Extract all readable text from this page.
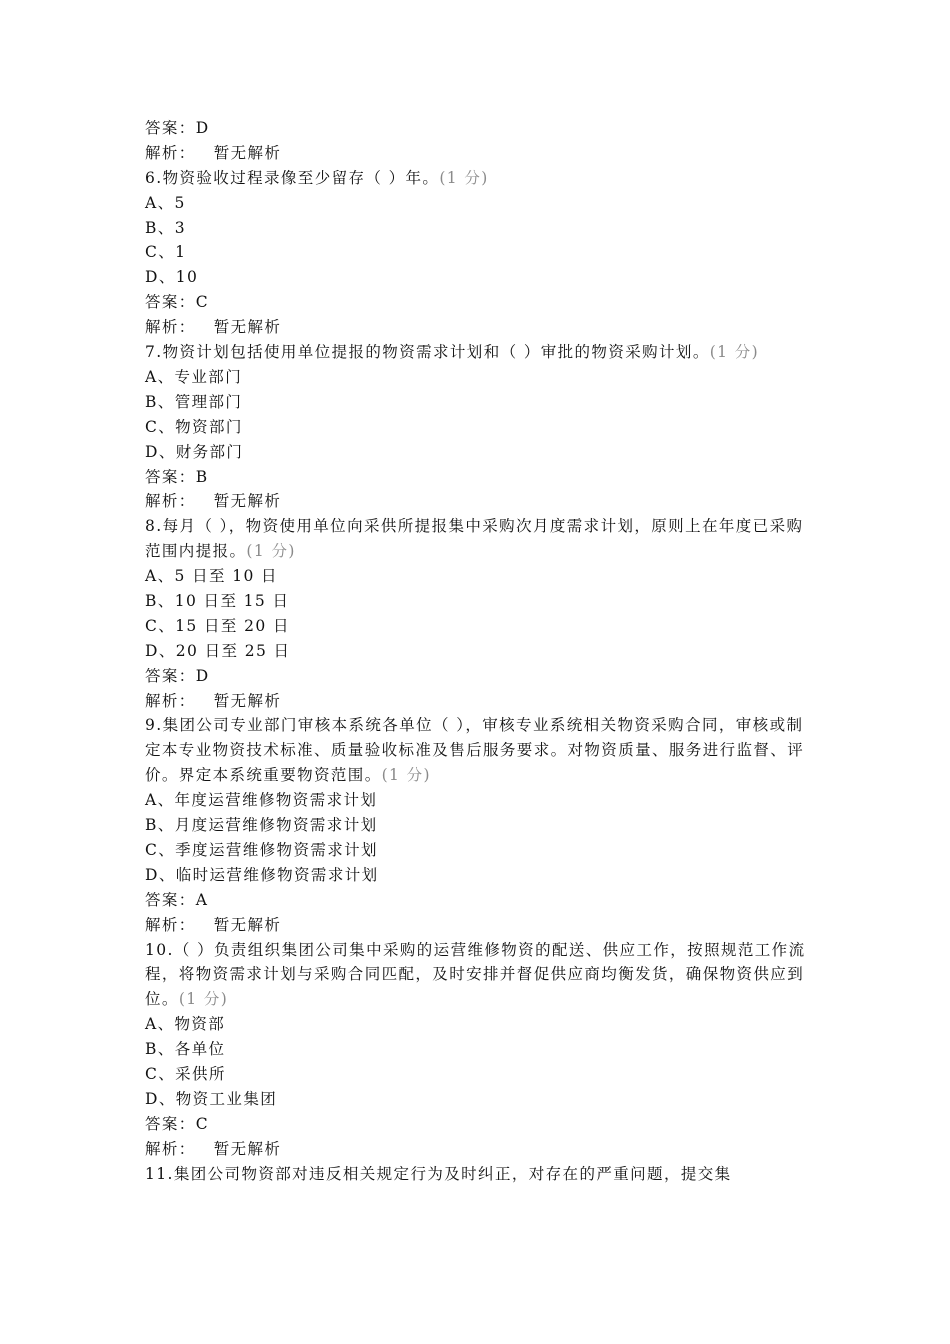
答案：D
解析： 暂无解析
6.物资验收过程录像至少留存（ ）年。(1 分)
A、5
B、3
C、1
D、10
答案：C
解析： 暂无解析
7.物资计划包括使用单位提报的物资需求计划和（ ）审批的物资采购计划。(1 分)
A、专业部门
B、管理部门
C、物资部门
D、财务部门
答案：B
解析： 暂无解析
8.每月（ ），物资使用单位向采供所提报集中采购次月度需求计划，原则上在年度已采购范围内提报。(1 分)
A、5 日至 10 日
B、10 日至 15 日
C、15 日至 20 日
D、20 日至 25 日
答案：D
解析： 暂无解析
9.集团公司专业部门审核本系统各单位（ ），审核专业系统相关物资采购合同，审核或制定本专业物资技术标准、质量验收标准及售后服务要求。对物资质量、服务进行监督、评价。界定本系统重要物资范围。(1 分)
A、年度运营维修物资需求计划
B、月度运营维修物资需求计划
C、季度运营维修物资需求计划
D、临时运营维修物资需求计划
答案：A
解析： 暂无解析
10.（ ）负责组织集团公司集中采购的运营维修物资的配送、供应工作，按照规范工作流程，将物资需求计划与采购合同匹配，及时安排并督促供应商均衡发货，确保物资供应到位。(1 分)
A、物资部
B、各单位
C、采供所
D、物资工业集团
答案：C
解析： 暂无解析
11.集团公司物资部对违反相关规定行为及时纠正，对存在的严重问题，提交集
